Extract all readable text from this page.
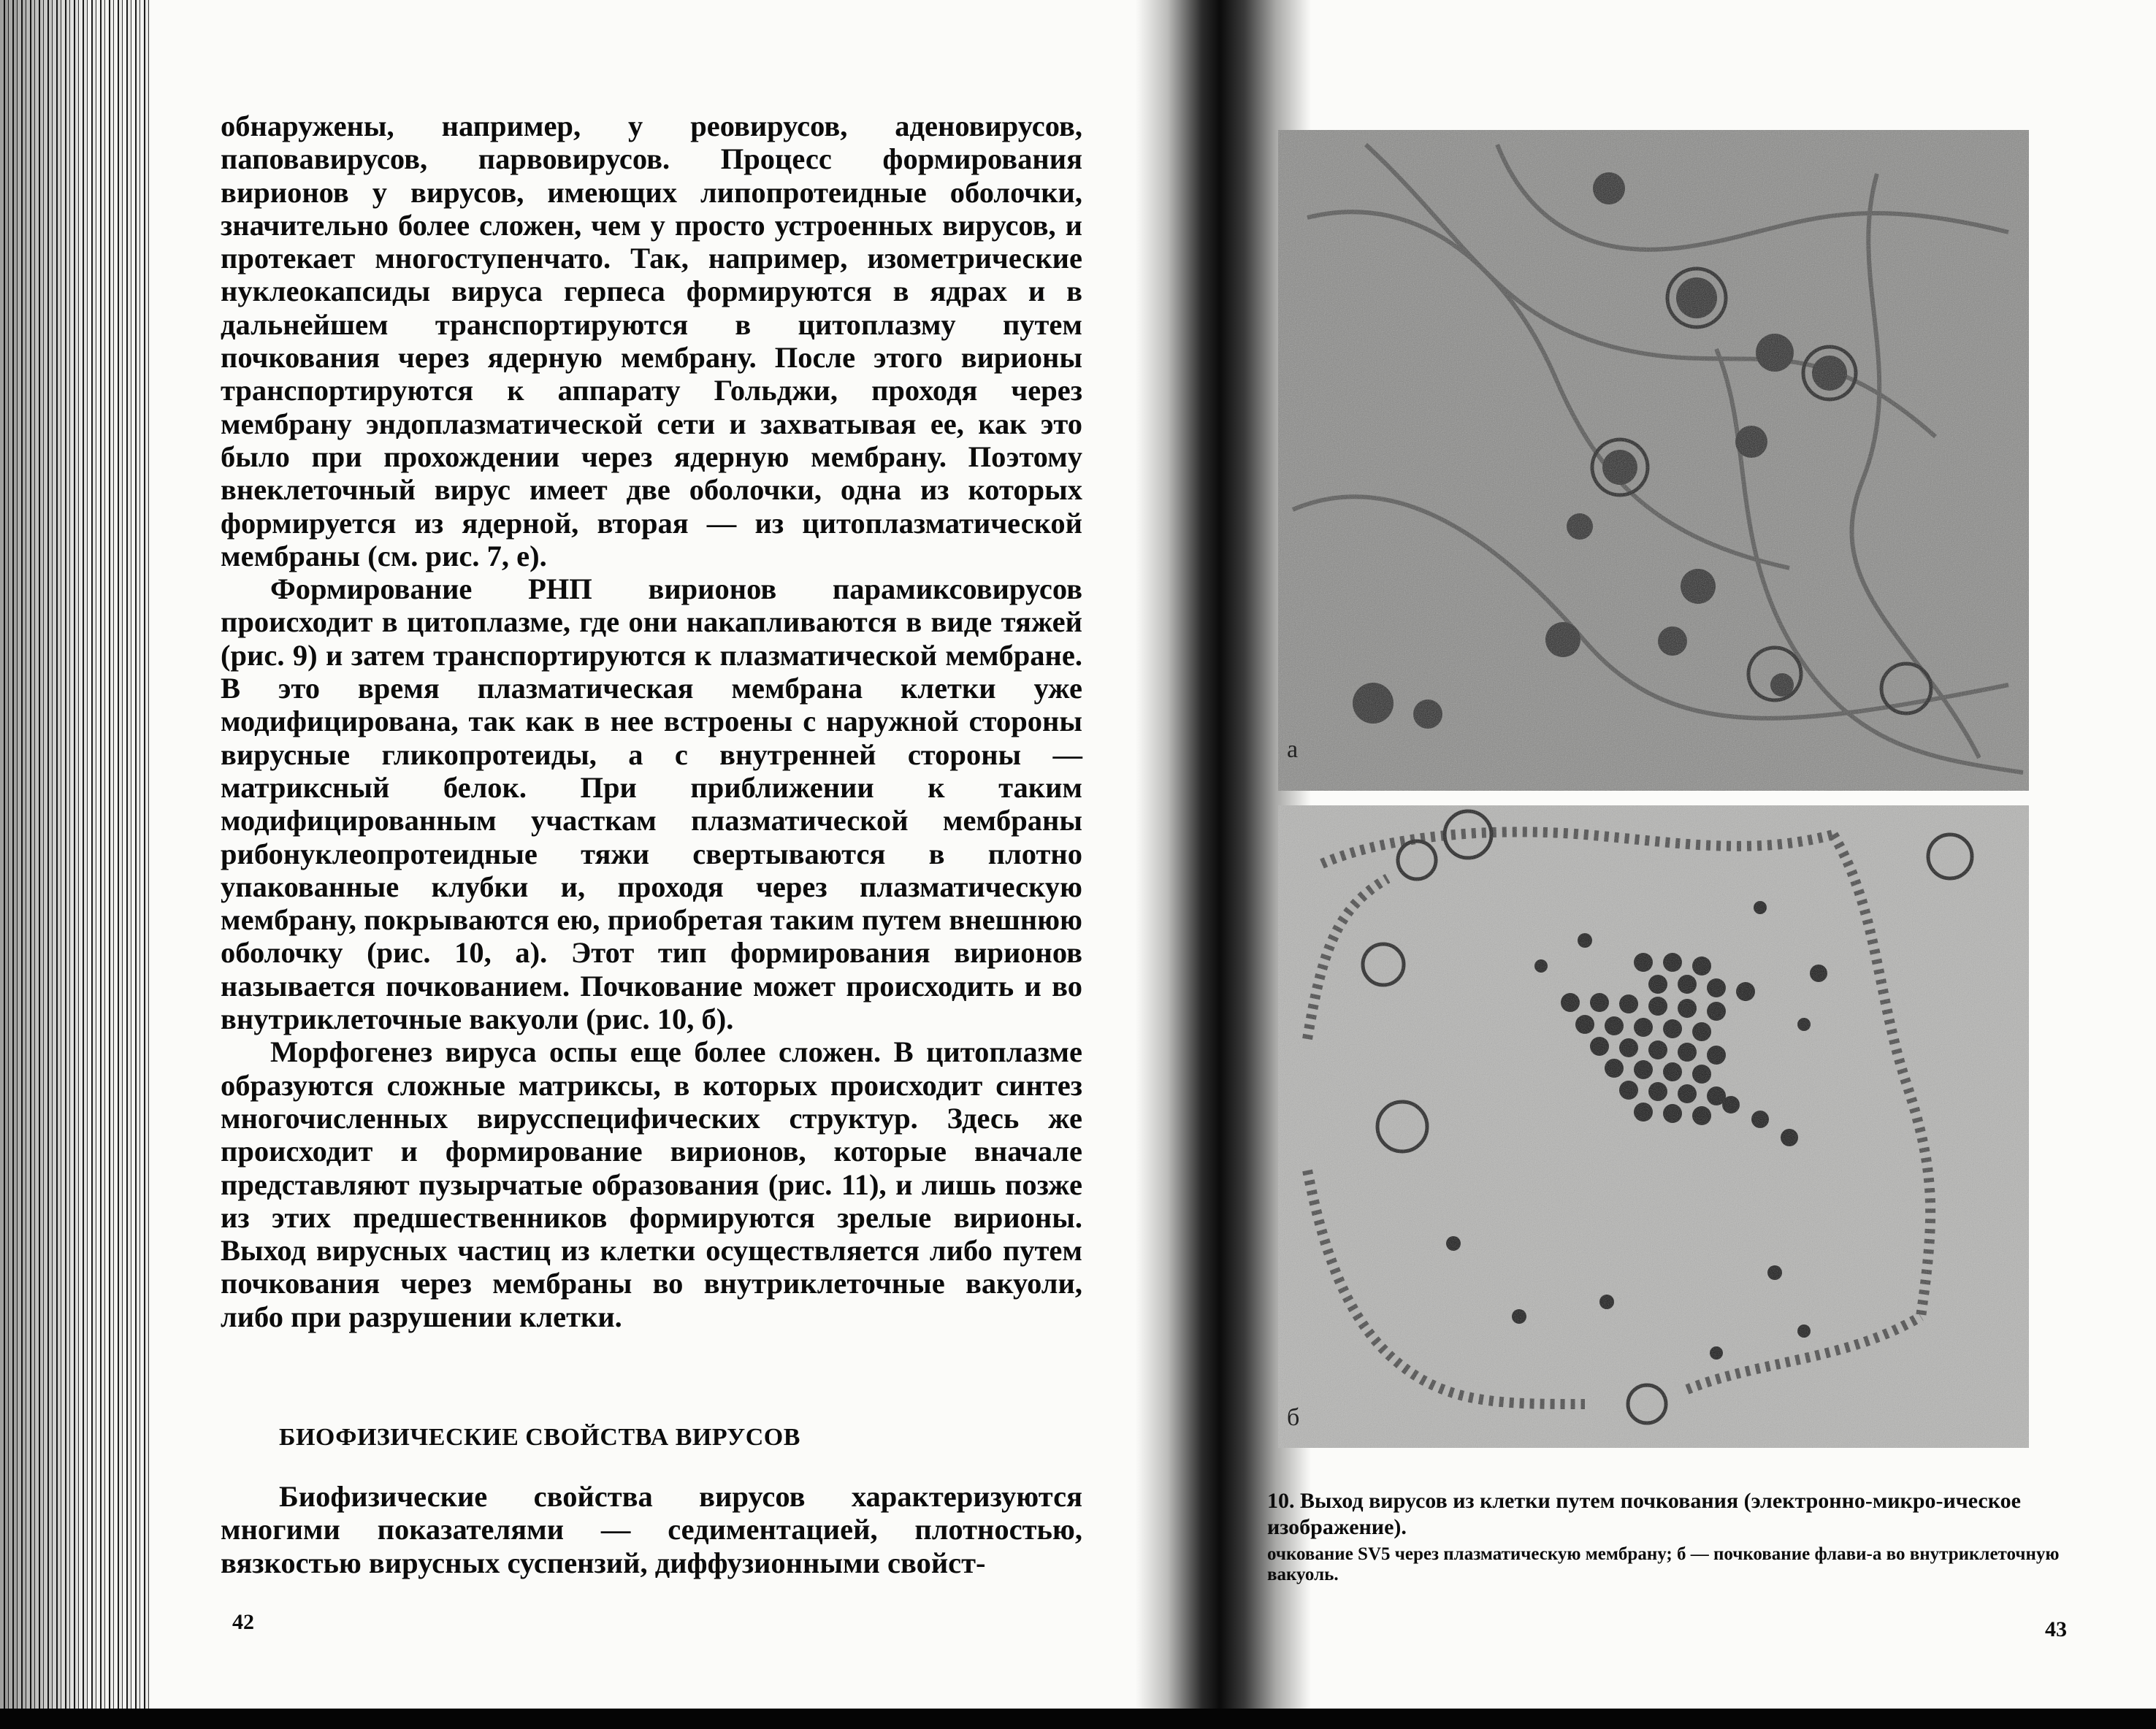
обнаружены, например, у реовирусов, аденовирусов, паповавирусов, парвовирусов. Процесс формирования вирионов у вирусов, имеющих липопротеидные оболочки, значительно более сложен, чем у просто устроенных вирусов, и протекает многоступенчато. Так, например, изометрические нуклеокапсиды вируса герпеса формируются в ядрах и в дальнейшем транспортируются в цитоплазму путем почкования через ядерную мембрану. После этого вирионы транспортируются к аппарату Гольджи, проходя через мембрану эндоплазматической сети и захватывая ее, как это было при прохождении через ядерную мембрану. Поэтому внеклеточный вирус имеет две оболочки, одна из которых формируется из ядерной, вторая — из цитоплазматической мембраны (см. рис. 7, е).

Формирование РНП вирионов парамиксовирусов происходит в цитоплазме, где они накапливаются в виде тяжей (рис. 9) и затем транспортируются к плазматической мембране. В это время плазматическая мембрана клетки уже модифицирована, так как в нее встроены с наружной стороны вирусные гликопротеиды, а с внутренней стороны — матриксный белок. При приближении к таким модифицированным участкам плазматической мембраны рибонуклеопротеидные тяжи свертываются в плотно упакованные клубки и, проходя через плазматическую мембрану, покрываются ею, приобретая таким путем внешнюю оболочку (рис. 10, а). Этот тип формирования вирионов называется почкованием. Почкование может происходить и во внутриклеточные вакуоли (рис. 10, б).

Морфогенез вируса оспы еще более сложен. В цитоплазме образуются сложные матриксы, в которых происходит синтез многочисленных вирусспецифических структур. Здесь же происходит и формирование вирионов, которые вначале представляют пузырчатые образования (рис. 11), и лишь позже из этих предшественников формируются зрелые вирионы. Выход вирусных частиц из клетки осуществляется либо путем почкования через мембраны во внутриклеточные вакуоли, либо при разрушении клетки.

БИОФИЗИЧЕСКИЕ СВОЙСТВА ВИРУСОВ
Биофизические свойства вирусов характеризуются многими показателями — седиментацией, плотностью, вязкостью вирусных суспензий, диффузионными свойст-
42
а
б
10. Выход вирусов из клетки путем почкования (электронно-микро-ическое изображение).
очкование SV5 через плазматическую мембрану; б — почкование флави-а во внутриклеточную вакуоль.
43
